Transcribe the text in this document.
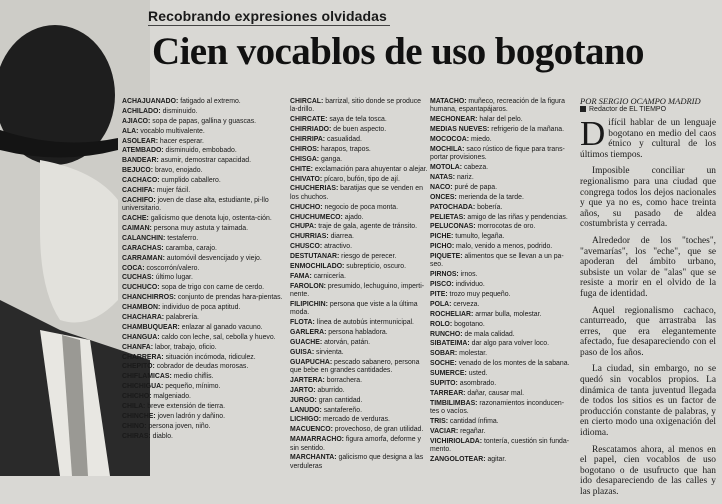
Recobrando expresiones olvidadas
Cien vocablos de uso bogotano

ACHAJUANADO: fatigado al extremo.

ACHILADO: disminuido.

AJIACO: sopa de papas, gallina y guascas.

ALA: vocablo multivalente.

ASOLEAR: hacer esperar.

ATEMBADO: disminuido, embobado.

BANDEAR: asumir, demostrar capacidad.

BEJUCO: bravo, enojado.

CACHACO: cumplido caballero.

CACHIFA: mujer fácil.

CACHIFO: joven de clase alta, estudiante, pi-llo universitario.

CACHE: galicismo que denota lujo, ostenta-ción.

CAIMAN: persona muy astuta y taimada.

CALANCHIN: testaferro.

CARACHAS: caramba, carajo.

CARRAMAN: automóvil desvencijado y viejo.

COCA: coscorrón/valero.

CUCHAS: último lugar.

CUCHUCO: sopa de trigo con carne de cerdo.

CHANCHIRROS: conjunto de prendas hara-pientas.

CHAMBON: individuo de poca aptitud.

CHACHARA: palabrería.

CHAMBUQUEAR: enlazar al ganado vacuno.

CHANGUA: caldo con leche, sal, cebolla y huevo.

CHANFA: labor, trabajo, oficio.

CHARRERA: situación incómoda, ridiculez.

CHEPITO: cobrador de deudas morosas.

CHIFLAMICAS: medio chiflis.

CHICHIGUA: pequeño, mínimo.

CHICHO: malgeniado.

CHILA: breve extensión de tierra.

CHINCHE: joven ladrón y dañino.

CHINO: persona joven, niño.

CHIRAS: diablo.

CHIRCAL: barrizal, sitio donde se produce la-drillo.

CHIRCATE: saya de tela tosca.

CHIRRIADO: de buen aspecto.

CHIRRIPA: casualidad.

CHIROS: harapos, trapos.

CHISGA: ganga.

CHITE: exclamación para ahuyentar o alejar.

CHIVATO: pícaro, bufón, tipo de ají.

CHUCHERIAS: baratijas que se venden en los chuchos.

CHUCHO: negocio de poca monta.

CHUCHUMECO: ajado.

CHUPA: traje de gala, agente de tránsito.

CHURRIAS: diarrea.

CHUSCO: atractivo.

DESTUTANAR: riesgo de perecer.

ENMOCHILADO: subrepticio, oscuro.

FAMA: carnicería.

FAROLON: presumido, lechuguino, imperti-nente.

FILIPICHIN: persona que viste a la última moda.

FLOTA: línea de autobús intermunicipal.

GARLERA: persona habladora.

GUACHE: atorván, patán.

GUISA: sirvienta.

GUAPUCHA: pescado sabanero, persona que bebe en grandes cantidades.

JARTERA: borrachera.

JARTO: aburrido.

JURGO: gran cantidad.

LANUDO: santafereño.

LICHIGO: mercado de verduras.

MACUENCO: provechoso, de gran utilidad.

MAMARRACHO: figura amorfa, deforme y sin sentido.

MARCHANTA: galicismo que designa a las verduleras

MATACHO: muñeco, recreación de la figura humana, espantapájaros.

MECHONEAR: halar del pelo.

MEDIAS NUEVES: refrigerio de la mañana.

MOCOCOA: miedo.

MOCHILA: saco rústico de fique para trans-portar provisiones.

MOTOLA: cabeza.

NATAS: nariz.

NACO: puré de papa.

ONCES: merienda de la tarde.

PATOCHADA: bobería.

PELIETAS: amigo de las riñas y pendencias.

PELUCONAS: morrocotas de oro.

PICHE: tumulto, legaña.

PICHO: malo, venido a menos, podrido.

PIQUETE: alimentos que se llevan a un pa-seo.

PIRNOS: irnos.

PISCO: individuo.

PITE: trozo muy pequeño.

POLA: cerveza.

ROCHELIAR: armar bulla, molestar.

ROLO: bogotano.

RUNCHO: de mala calidad.

SIBATEIMA: dar algo para volver loco.

SOBAR: molestar.

SOCHE: venado de los montes de la sabana.

SUMERCE: usted.

SUPITO: asombrado.

TARREAR: dañar, causar mal.

TIMBILIMBAS: razonamientos inconducen-tes o vacíos.

TRIS: cantidad ínfima.

VACIAR: regañar.

VICHIRIOLADA: tontería, cuestión sin funda-mento.

ZANGOLOTEAR: agitar.

POR SERGIO OCAMPO MADRID
Redactor de EL TIEMPO

Difícil hablar de un lenguaje bogotano en medio del caos étnico y cultural de los últimos tiempos.

Imposible conciliar un regionalismo para una ciudad que congrega todos los dejos nacionales y que ya no es, como hace treinta años, su pasado de aldea costumbrista y cerrada.

Alrededor de los "toches", "avemarías", los "eche", que se apoderan del ámbito urbano, subsiste un volar de "alas" que se resiste a morir en el olvido de la fuga de identidad.

Aquel regionalismo cachaco, canturreado, que arrastraba las erres, que era elegantemente afectado, fue desapareciendo con el paso de los años.

La ciudad, sin embargo, no se quedó sin vocablos propios. La dinámica de tanta juventud llegada de todos los sitios es un factor de producción constante de palabras, y en cierto modo una oxigenación del idioma.

Rescatamos ahora, al menos en el papel, cien vocablos de uso bogotano o de usufructo que han ido desapareciendo de las calles y las plazas.
